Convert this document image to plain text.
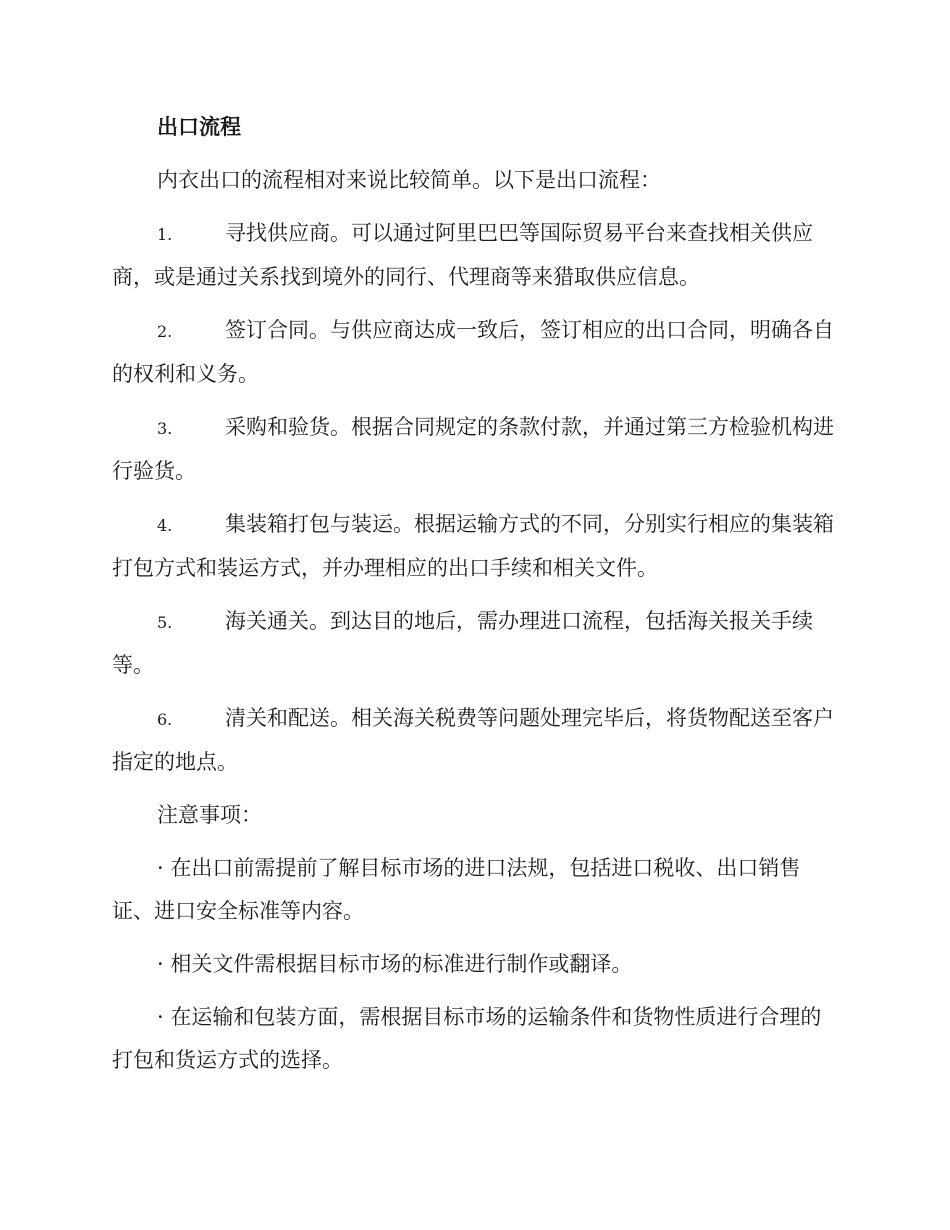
出口流程

内衣出口的流程相对来说比较简单。以下是出口流程：

1.	寻找供应商。可以通过阿里巴巴等国际贸易平台来查找相关供应商，或是通过关系找到境外的同行、代理商等来猎取供应信息。
2.	签订合同。与供应商达成一致后，签订相应的出口合同，明确各自的权利和义务。
3.	采购和验货。根据合同规定的条款付款，并通过第三方检验机构进行验货。
4.	集装箱打包与装运。根据运输方式的不同，分别实行相应的集装箱打包方式和装运方式，并办理相应的出口手续和相关文件。
5.	海关通关。到达目的地后，需办理进口流程，包括海关报关手续等。
6.	清关和配送。相关海关税费等问题处理完毕后，将货物配送至客户指定的地点。

注意事项：

· 在出口前需提前了解目标市场的进口法规，包括进口税收、出口销售证、进口安全标准等内容。

· 相关文件需根据目标市场的标准进行制作或翻译。

· 在运输和包装方面，需根据目标市场的运输条件和货物性质进行合理的打包和货运方式的选择。
